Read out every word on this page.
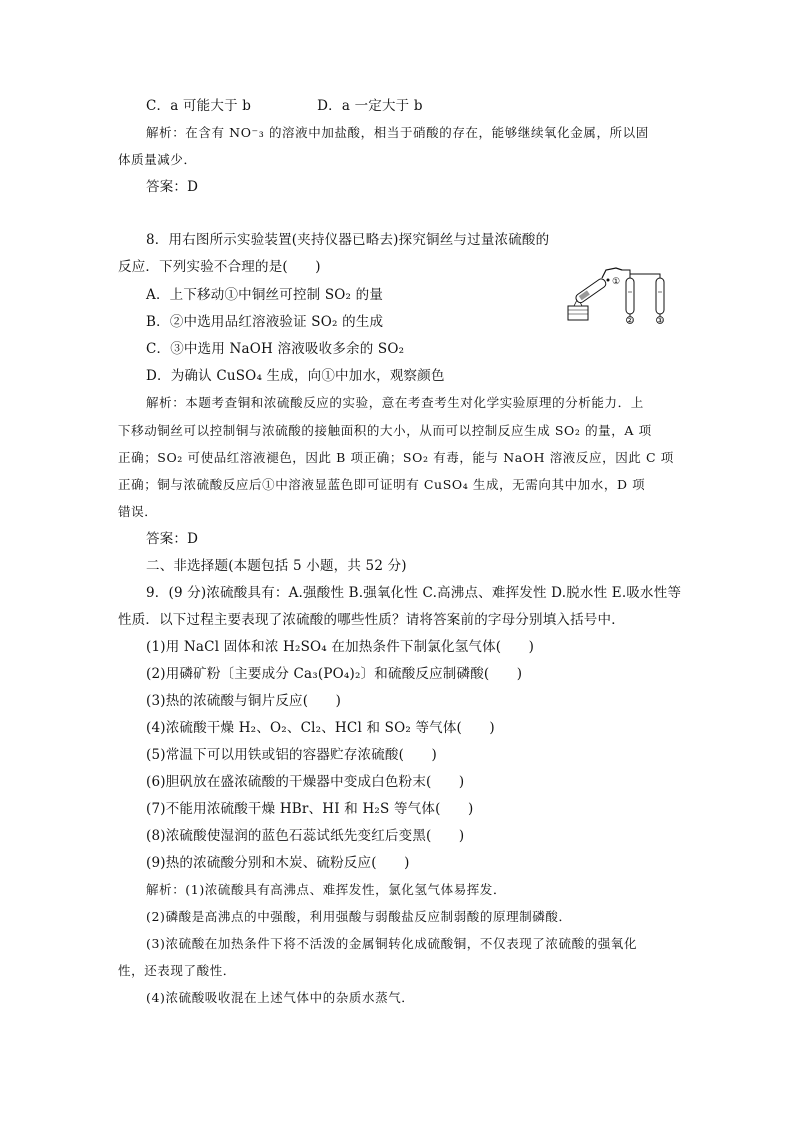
C．a 可能大于 b	D．a 一定大于 b
解析：在含有 NO⁻₃ 的溶液中加盐酸，相当于硝酸的存在，能够继续氧化金属，所以固
体质量减少．
答案：D
8．用右图所示实验装置(夹持仪器已略去)探究铜丝与过量浓硫酸的
反应．下列实验不合理的是(　　)
A．上下移动①中铜丝可控制 SO₂ 的量
B．②中选用品红溶液验证 SO₂ 的生成
C．③中选用 NaOH 溶液吸收多余的 SO₂
D．为确认 CuSO₄ 生成，向①中加水，观察颜色
①
②	③
解析：本题考查铜和浓硫酸反应的实验，意在考查考生对化学实验原理的分析能力．上
下移动铜丝可以控制铜与浓硫酸的接触面积的大小，从而可以控制反应生成 SO₂ 的量，A 项
正确；SO₂ 可使品红溶液褪色，因此 B 项正确；SO₂ 有毒，能与 NaOH 溶液反应，因此 C 项
正确；铜与浓硫酸反应后①中溶液显蓝色即可证明有 CuSO₄ 生成，无需向其中加水，D 项
错误．
答案：D
二、非选择题(本题包括 5 小题，共 52 分)
9．(9 分)浓硫酸具有：A.强酸性 B.强氧化性 C.高沸点、难挥发性 D.脱水性 E.吸水性等
性质．以下过程主要表现了浓硫酸的哪些性质？请将答案前的字母分别填入括号中．
(1)用 NaCl 固体和浓 H₂SO₄ 在加热条件下制氯化氢气体(　　)
(2)用磷矿粉〔主要成分 Ca₃(PO₄)₂〕和硫酸反应制磷酸(　　)
(3)热的浓硫酸与铜片反应(　　)
(4)浓硫酸干燥 H₂、O₂、Cl₂、HCl 和 SO₂ 等气体(　　)
(5)常温下可以用铁或铝的容器贮存浓硫酸(　　)
(6)胆矾放在盛浓硫酸的干燥器中变成白色粉末(　　)
(7)不能用浓硫酸干燥 HBr、HI 和 H₂S 等气体(　　)
(8)浓硫酸使湿润的蓝色石蕊试纸先变红后变黑(　　)
(9)热的浓硫酸分别和木炭、硫粉反应(　　)
解析：(1)浓硫酸具有高沸点、难挥发性，氯化氢气体易挥发．
(2)磷酸是高沸点的中强酸，利用强酸与弱酸盐反应制弱酸的原理制磷酸．
(3)浓硫酸在加热条件下将不活泼的金属铜转化成硫酸铜，不仅表现了浓硫酸的强氧化
性，还表现了酸性．
(4)浓硫酸吸收混在上述气体中的杂质水蒸气．
